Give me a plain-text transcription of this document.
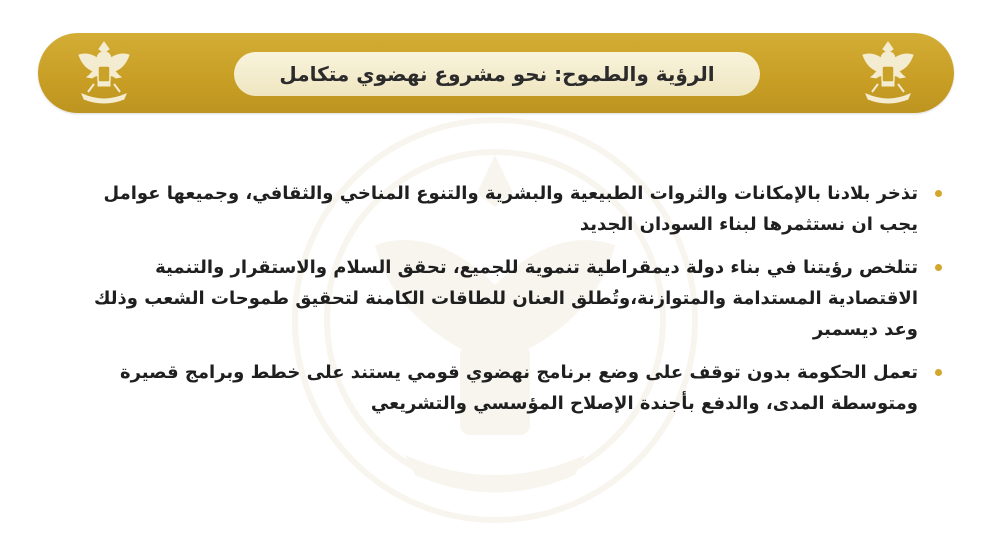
الرؤية والطموح: نحو مشروع نهضوي متكامل
تذخر بلادنا بالإمكانات والثروات الطبيعية والبشرية والتنوع المناخي والثقافي، وجميعها عوامل يجب ان نستثمرها لبناء السودان الجديد
تتلخص رؤيتنا في بناء دولة ديمقراطية تنموية للجميع، تحقق السلام والاستقرار والتنمية الاقتصادية المستدامة والمتوازنة،وتُطلق العنان للطاقات الكامنة لتحقيق طموحات الشعب وذلك وعد ديسمبر
تعمل الحكومة بدون توقف على وضع برنامج نهضوي قومي يستند على خطط وبرامج قصيرة ومتوسطة المدى، والدفع بأجندة الإصلاح المؤسسي والتشريعي
